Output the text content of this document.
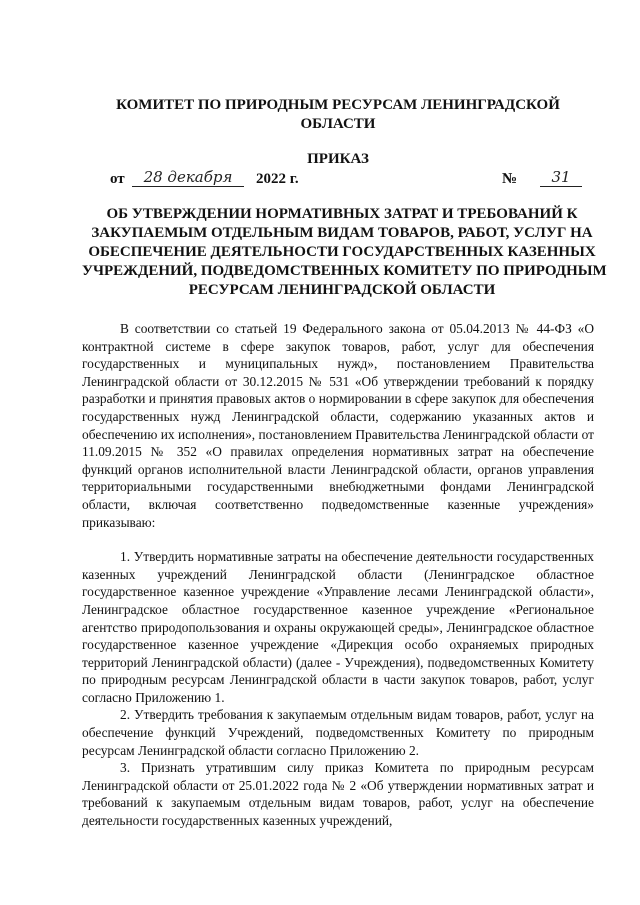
КОМИТЕТ ПО ПРИРОДНЫМ РЕСУРСАМ ЛЕНИНГРАДСКОЙ ОБЛАСТИ
ПРИКАЗ
от	28 декабря	2022 г.	№	31
ОБ УТВЕРЖДЕНИИ НОРМАТИВНЫХ ЗАТРАТ И ТРЕБОВАНИЙ К
ЗАКУПАЕМЫМ ОТДЕЛЬНЫМ ВИДАМ ТОВАРОВ, РАБОТ, УСЛУГ НА
ОБЕСПЕЧЕНИЕ ДЕЯТЕЛЬНОСТИ ГОСУДАРСТВЕННЫХ КАЗЕННЫХ
УЧРЕЖДЕНИЙ, ПОДВЕДОМСТВЕННЫХ КОМИТЕТУ ПО ПРИРОДНЫМ
РЕСУРСАМ ЛЕНИНГРАДСКОЙ ОБЛАСТИ

В соответствии со статьей 19 Федерального закона от 05.04.2013 № 44-ФЗ «О контрактной системе в сфере закупок товаров, работ, услуг для обеспечения государственных и муниципальных нужд», постановлением Правительства Ленинградской области от 30.12.2015 № 531 «Об утверждении требований к порядку разработки и принятия правовых актов о нормировании в сфере закупок для обеспечения государственных нужд Ленинградской области, содержанию указанных актов и обеспечению их исполнения», постановлением Правительства Ленинградской области от 11.09.2015 № 352 «О правилах определения нормативных затрат на обеспечение функций органов исполнительной власти Ленинградской области, органов управления территориальными государственными внебюджетными фондами Ленинградской области, включая соответственно подведомственные казенные учреждения» приказываю:

1. Утвердить нормативные затраты на обеспечение деятельности государственных казенных учреждений Ленинградской области (Ленинградское областное государственное казенное учреждение «Управление лесами Ленинградской области», Ленинградское областное государственное казенное учреждение «Региональное агентство природопользования и охраны окружающей среды», Ленинградское областное государственное казенное учреждение «Дирекция особо охраняемых природных территорий Ленинградской области) (далее - Учреждения), подведомственных Комитету по природным ресурсам Ленинградской области в части закупок товаров, работ, услуг согласно Приложению 1.

2. Утвердить требования к закупаемым отдельным видам товаров, работ, услуг на обеспечение функций Учреждений, подведомственных Комитету по природным ресурсам Ленинградской области согласно Приложению 2.

3. Признать утратившим силу приказ Комитета по природным ресурсам Ленинградской области от 25.01.2022 года № 2 «Об утверждении нормативных затрат и требований к закупаемым отдельным видам товаров, работ, услуг на обеспечение деятельности государственных казенных учреждений,
